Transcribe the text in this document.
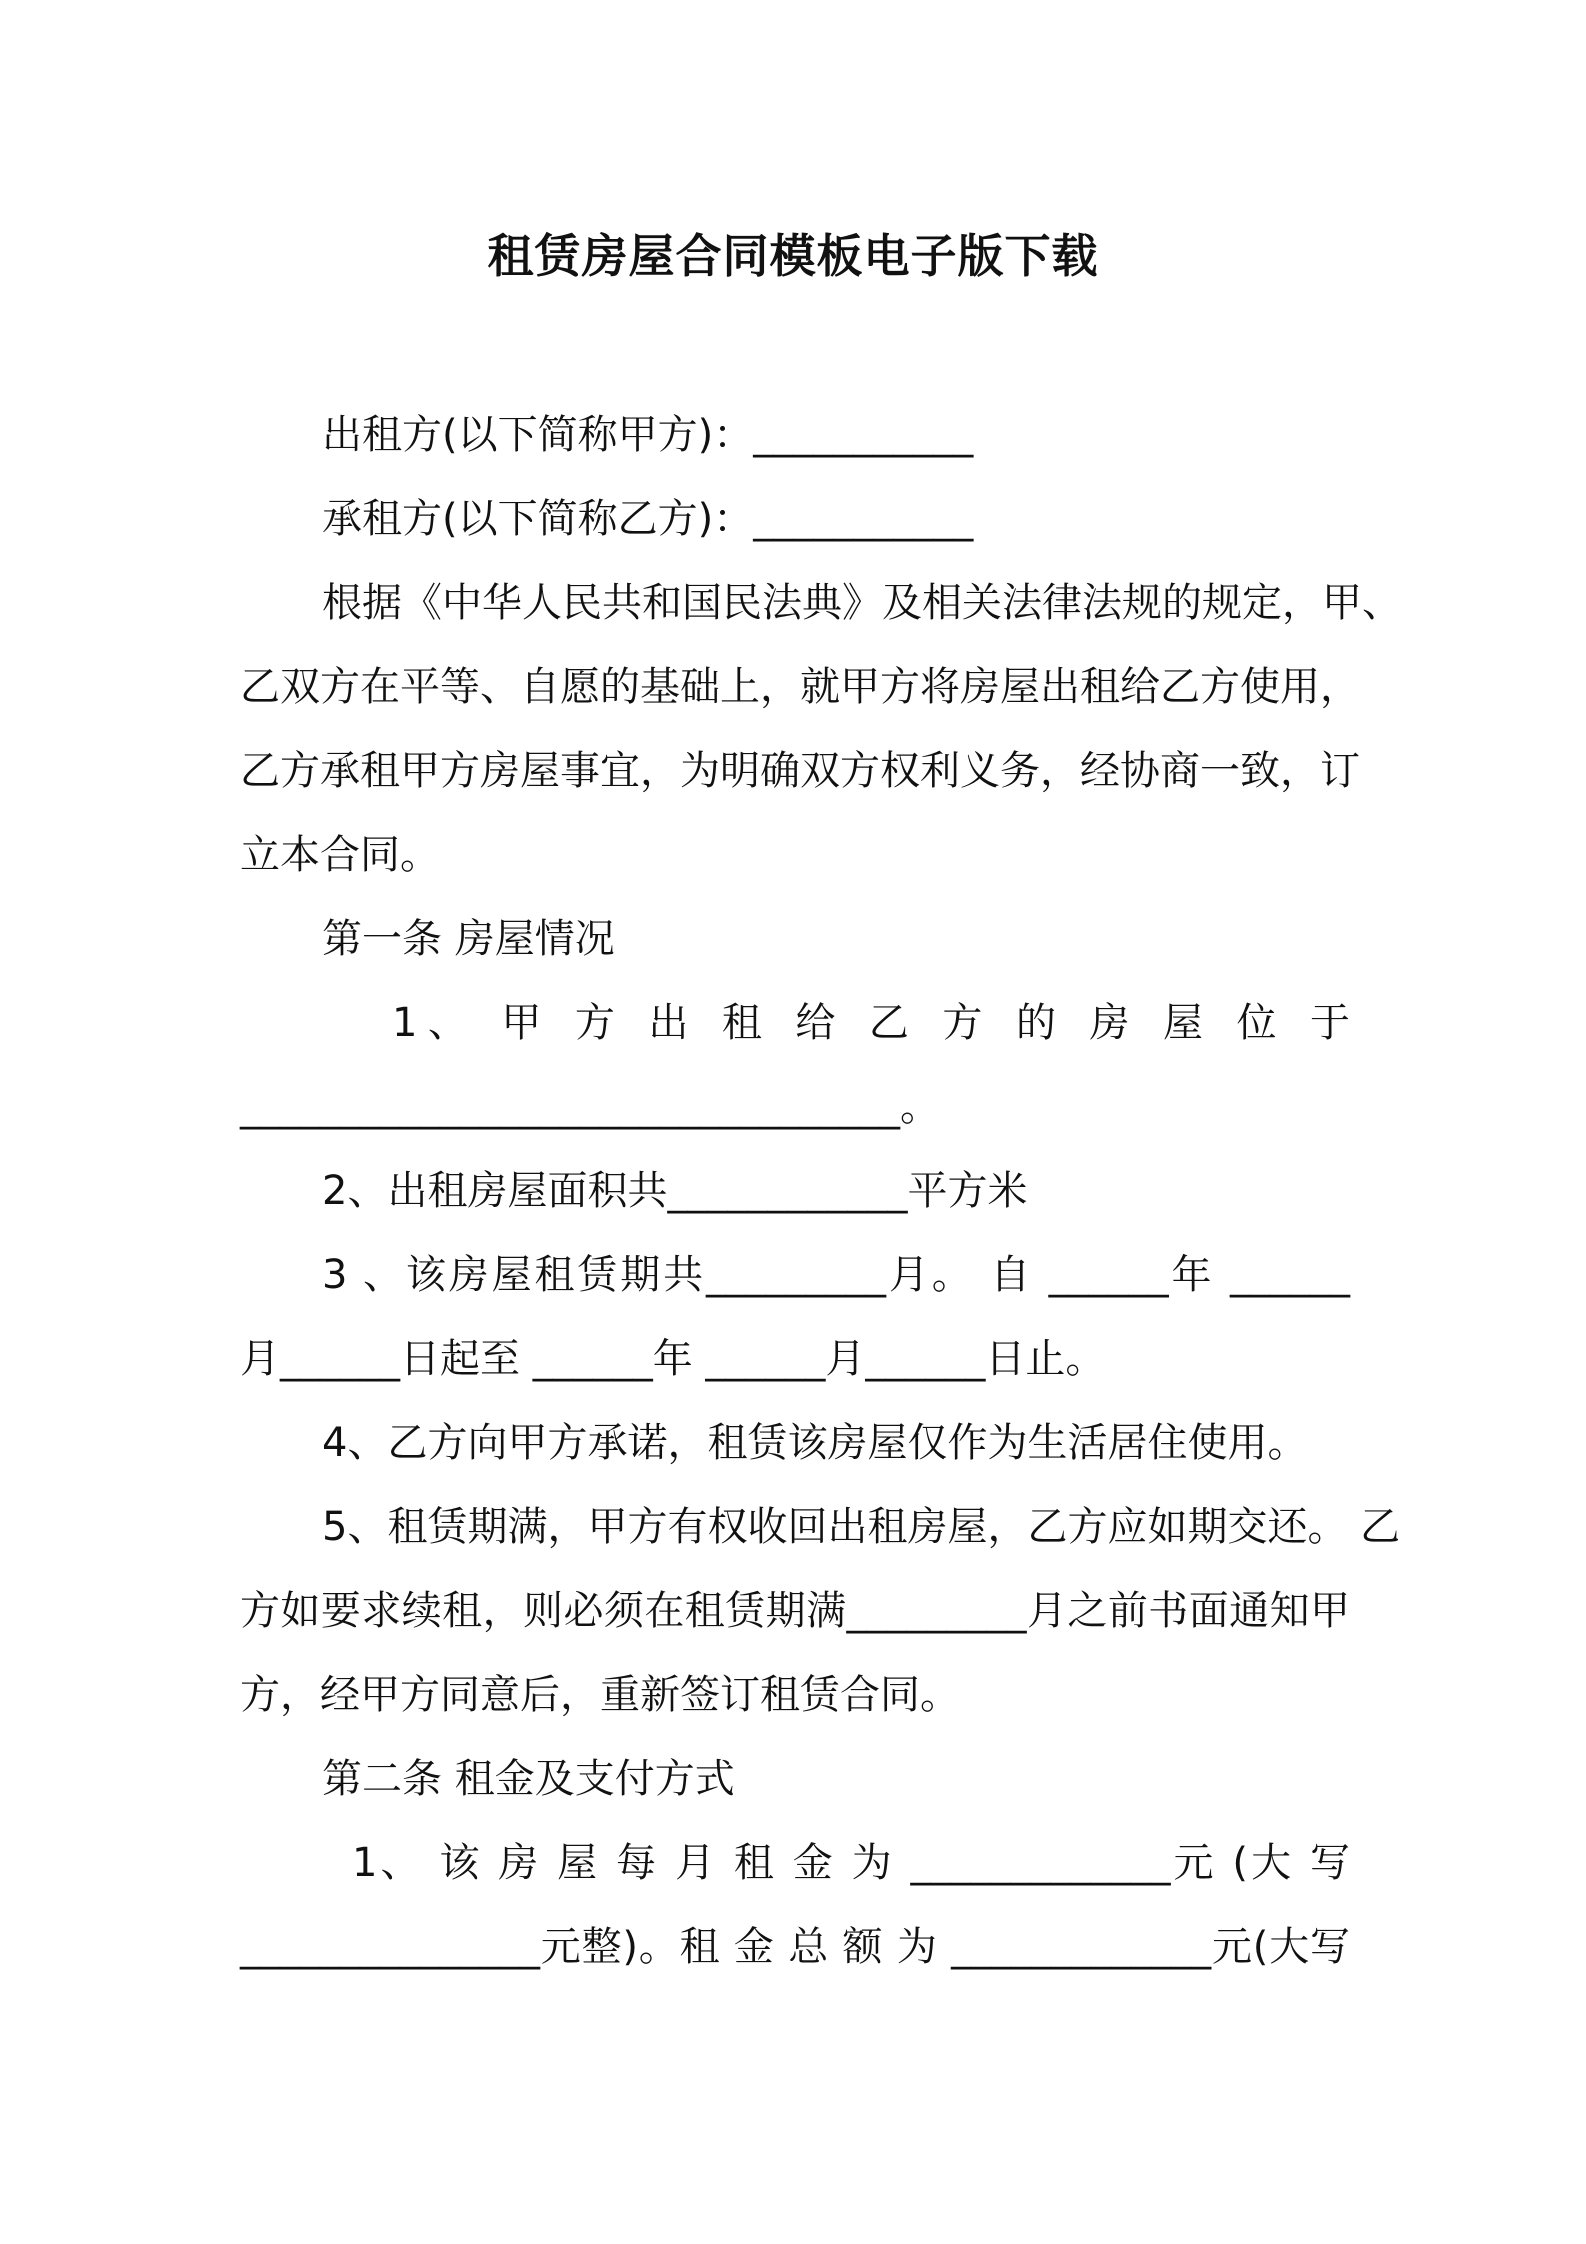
租赁房屋合同模板电子版下载
出租方(以下简称甲方)：___________
承租方(以下简称乙方)：___________
根据《中华人民共和国民法典》及相关法律法规的规定，甲、
乙双方在平等、自愿的基础上，就甲方将房屋出租给乙方使用，
乙方承租甲方房屋事宜，为明确双方权利义务，经协商一致，订
立本合同。
第一条 房屋情况
1、 甲 方 出 租 给 乙 方 的 房 屋 位 于
_________________________________。
2、出租房屋面积共____________平方米
3 、该房屋租赁期共_________月。 自 ______年 ______
月______日起至 ______年 ______月______日止。
4、乙方向甲方承诺，租赁该房屋仅作为生活居住使用。
5、租赁期满，甲方有权收回出租房屋，乙方应如期交还。 乙
方如要求续租，则必须在租赁期满_________月之前书面通知甲
方，经甲方同意后，重新签订租赁合同。
第二条 租金及支付方式
1、 该 房 屋 每 月 租 金 为 _____________元 (大 写
_______________元整)。租 金 总 额 为 _____________元(大写
